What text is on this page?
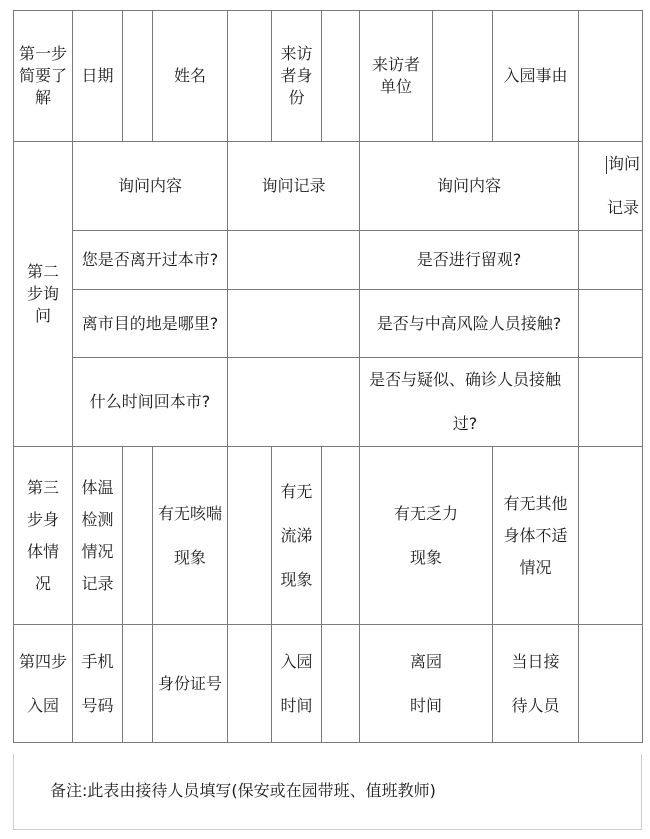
第一步简要了解	日期		姓名		来访者身份		来访者单位		入园事由	

第二步询问	询问内容			询问记录			询问内容			询问记录

	您是否离开过本市?						是否进行留观?			
	离市目的地是哪里?						是否与中高风险人员接触?			
	什么时间回本市?						是否与疑似、确诊人员接触过?			

第三步身体情况	体温检测情况记录		有无咳喘现象		有无流涕现象		有无乏力现象		有无其他身体不适情况	

第四步入园	手机号码		身份证号		入园时间		离园时间		当日接待人员	

备注:此表由接待人员填写(保安或在园带班、值班教师)
